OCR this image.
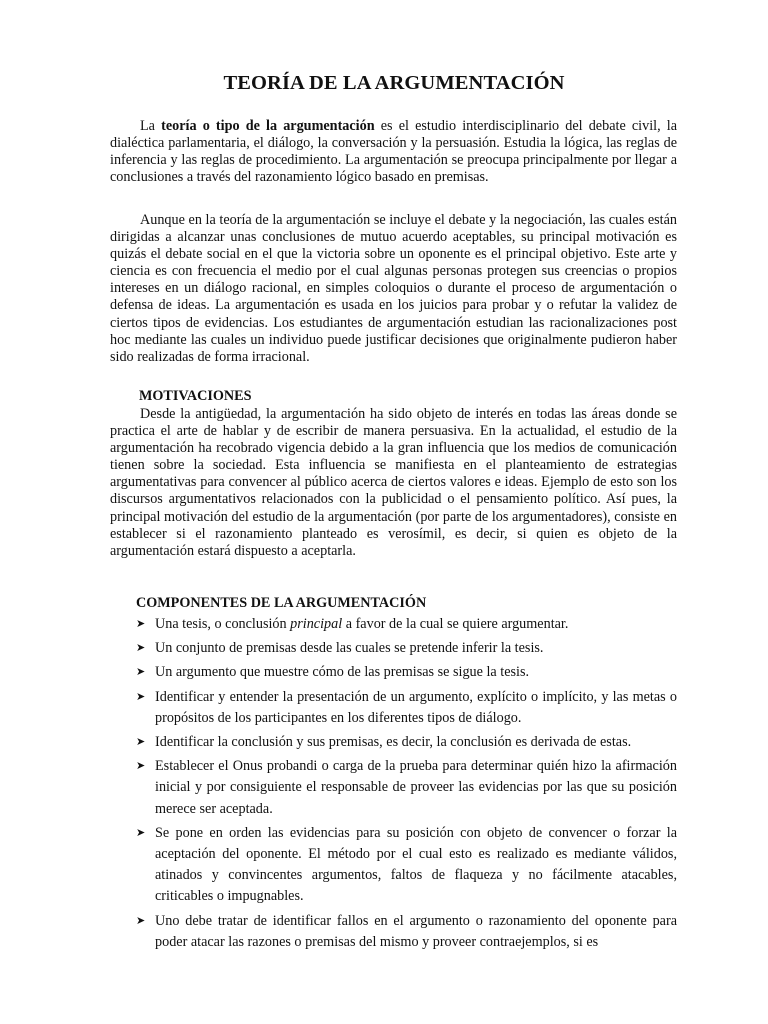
TEORÍA DE LA ARGUMENTACIÓN

La teoría o tipo de la argumentación es el estudio interdisciplinario del debate civil, la dialéctica parlamentaria, el diálogo, la conversación y la persuasión. Estudia la lógica, las reglas de inferencia y las reglas de procedimiento. La argumentación se preocupa principalmente por llegar a conclusiones a través del razonamiento lógico basado en premisas.

Aunque en la teoría de la argumentación se incluye el debate y la negociación, las cuales están dirigidas a alcanzar unas conclusiones de mutuo acuerdo aceptables, su principal motivación es quizás el debate social en el que la victoria sobre un oponente es el principal objetivo. Este arte y ciencia es con frecuencia el medio por el cual algunas personas protegen sus creencias o propios intereses en un diálogo racional, en simples coloquios o durante el proceso de argumentación o defensa de ideas. La argumentación es usada en los juicios para probar y o refutar la validez de ciertos tipos de evidencias. Los estudiantes de argumentación estudian las racionalizaciones post hoc mediante las cuales un individuo puede justificar decisiones que originalmente pudieron haber sido realizadas de forma irracional.

MOTIVACIONES

Desde la antigüedad, la argumentación ha sido objeto de interés en todas las áreas donde se practica el arte de hablar y de escribir de manera persuasiva. En la actualidad, el estudio de la argumentación ha recobrado vigencia debido a la gran influencia que los medios de comunicación tienen sobre la sociedad. Esta influencia se manifiesta en el planteamiento de estrategias argumentativas para convencer al público acerca de ciertos valores e ideas. Ejemplo de esto son los discursos argumentativos relacionados con la publicidad o el pensamiento político. Así pues, la principal motivación del estudio de la argumentación (por parte de los argumentadores), consiste en establecer si el razonamiento planteado es verosímil, es decir, si quien es objeto de la argumentación estará dispuesto a aceptarla.

COMPONENTES DE LA ARGUMENTACIÓN
➤ Una tesis, o conclusión principal a favor de la cual se quiere argumentar.
➤ Un conjunto de premisas desde las cuales se pretende inferir la tesis.
➤ Un argumento que muestre cómo de las premisas se sigue la tesis.
➤ Identificar y entender la presentación de un argumento, explícito o implícito, y las metas o propósitos de los participantes en los diferentes tipos de diálogo.
➤ Identificar la conclusión y sus premisas, es decir, la conclusión es derivada de estas.
➤ Establecer el Onus probandi o carga de la prueba para determinar quién hizo la afirmación inicial y por consiguiente el responsable de proveer las evidencias por las que su posición merece ser aceptada.
➤ Se pone en orden las evidencias para su posición con objeto de convencer o forzar la aceptación del oponente. El método por el cual esto es realizado es mediante válidos, atinados y convincentes argumentos, faltos de flaqueza y no fácilmente atacables, criticables o impugnables.
➤ Uno debe tratar de identificar fallos en el argumento o razonamiento del oponente para poder atacar las razones o premisas del mismo y proveer contraejemplos, si es
